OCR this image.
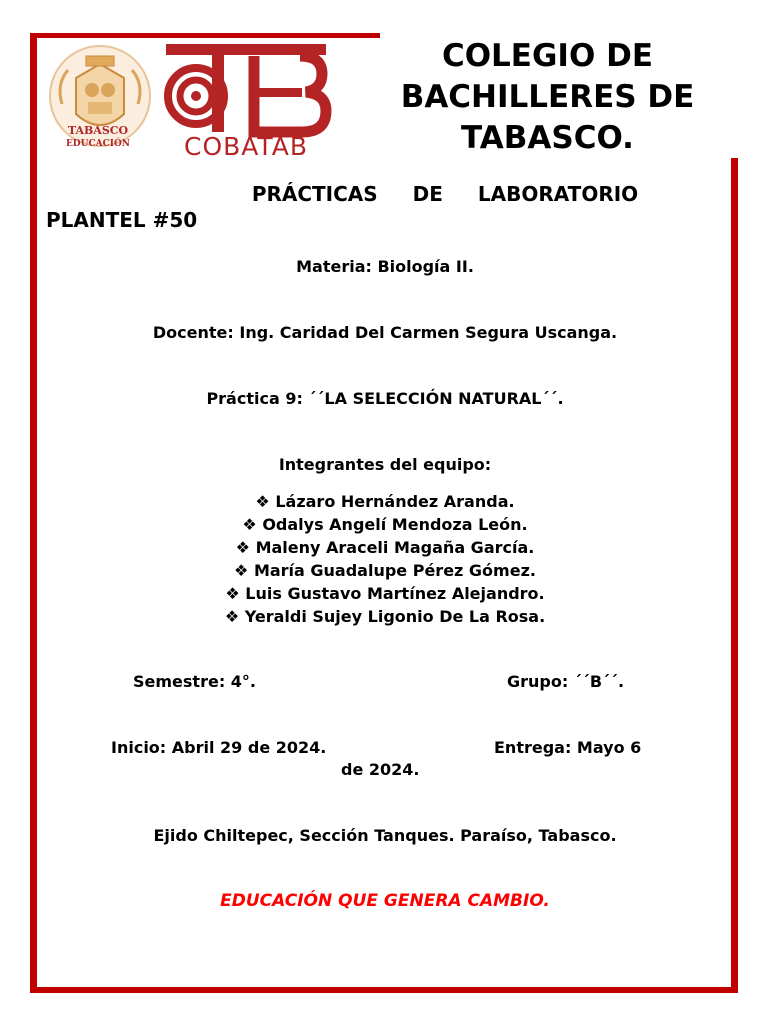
TABASCO
EDUCACIÓN	COBATAB
COLEGIO DE
BACHILLERES DE
TABASCO.
PRÁCTICAS DE LABORATORIO
PLANTEL #50
Materia: Biología II.
Docente: Ing. Caridad Del Carmen Segura Uscanga.
Práctica 9: ´´LA SELECCIÓN NATURAL´´.
Integrantes del equipo:
❖ Lázaro Hernández Aranda.
❖ Odalys Angelí Mendoza León.
❖ Maleny Araceli Magaña García.
❖ María Guadalupe Pérez Gómez.
❖ Luis Gustavo Martínez Alejandro.
❖ Yeraldi Sujey Ligonio De La Rosa.
Semestre: 4°.	Grupo: ´´B´´.
Inicio: Abril 29 de 2024.	Entrega: Mayo 6
de 2024.
Ejido Chiltepec, Sección Tanques. Paraíso, Tabasco.
EDUCACIÓN QUE GENERA CAMBIO.
